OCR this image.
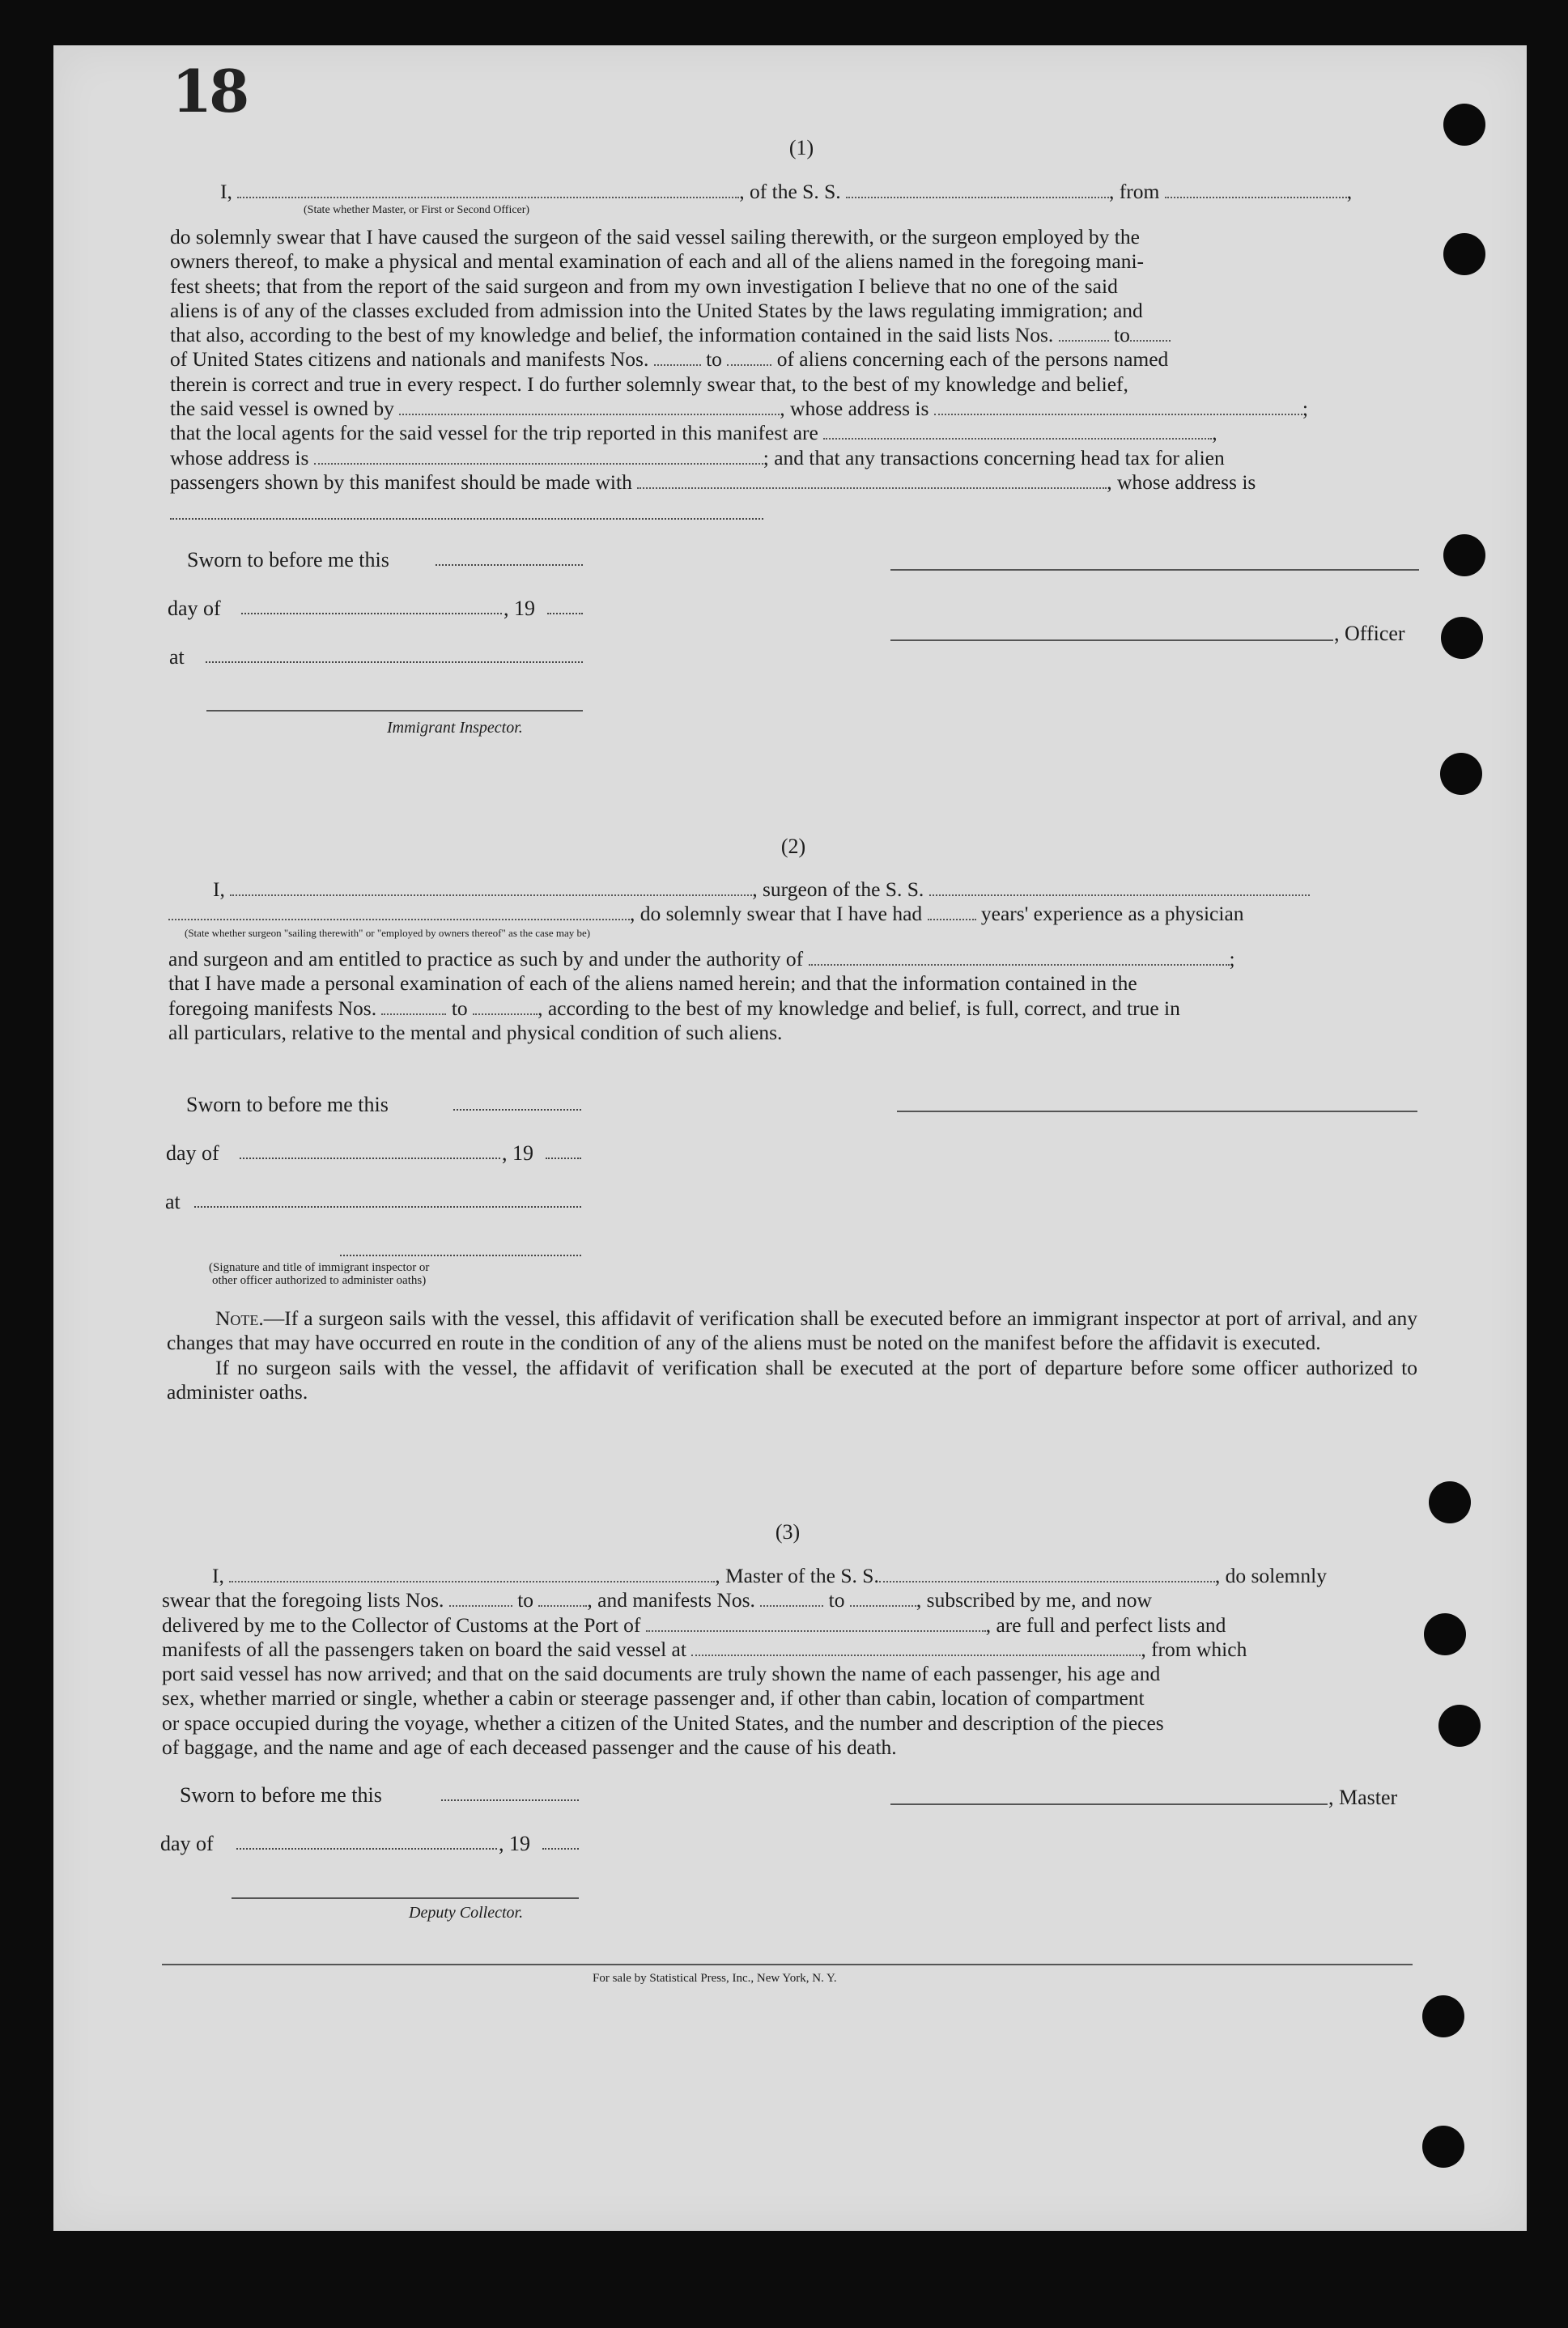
18
(1)
I,	, of the S. S.	, from	,
(State whether Master, or First or Second Officer)
do solemnly swear that I have caused the surgeon of the said vessel sailing therewith, or the surgeon employed by the
owners thereof, to make a physical and mental examination of each and all of the aliens named in the foregoing mani-
fest sheets; that from the report of the said surgeon and from my own investigation I believe that no one of the said
aliens is of any of the classes excluded from admission into the United States by the laws regulating immigration; and
that also, according to the best of my knowledge and belief, the information contained in the said lists Nos.	to
of United States citizens and nationals and manifests Nos.	to	of aliens concerning each of the persons named
therein is correct and true in every respect. I do further solemnly swear that, to the best of my knowledge and belief,
the said vessel is owned by	, whose address is	;
that the local agents for the said vessel for the trip reported in this manifest are	,
whose address is	; and that any transactions concerning head tax for alien
passengers shown by this manifest should be made with	, whose address is
Sworn to before me this
day of	, 19
at
Immigrant Inspector.
, Officer
(2)
I,	, surgeon of the S. S.
, do solemnly swear that I have had	years' experience as a physician
(State whether surgeon "sailing therewith" or "employed by owners thereof" as the case may be)
and surgeon and am entitled to practice as such by and under the authority of	;
that I have made a personal examination of each of the aliens named herein; and that the information contained in the
foregoing manifests Nos.	to	, according to the best of my knowledge and belief, is full, correct, and true in
all particulars, relative to the mental and physical condition of such aliens.
Sworn to before me this
day of	, 19
at
(Signature and title of immigrant inspector or
other officer authorized to administer oaths)
Note.—If a surgeon sails with the vessel, this affidavit of verification shall be executed before an immigrant inspector at port of arrival, and any changes that may have occurred en route in the condition of any of the aliens must be noted on the manifest before the affidavit is executed.
If no surgeon sails with the vessel, the affidavit of verification shall be executed at the port of departure before some officer authorized to administer oaths.
(3)
I,	, Master of the S. S.	, do solemnly
swear that the foregoing lists Nos.	to	, and manifests Nos.	to	, subscribed by me, and now
delivered by me to the Collector of Customs at the Port of	, are full and perfect lists and
manifests of all the passengers taken on board the said vessel at	, from which
port said vessel has now arrived; and that on the said documents are truly shown the name of each passenger, his age and
sex, whether married or single, whether a cabin or steerage passenger and, if other than cabin, location of compartment
or space occupied during the voyage, whether a citizen of the United States, and the number and description of the pieces
of baggage, and the name and age of each deceased passenger and the cause of his death.
Sworn to before me this
day of	, 19
Deputy Collector.
, Master
For sale by Statistical Press, Inc., New York, N. Y.
